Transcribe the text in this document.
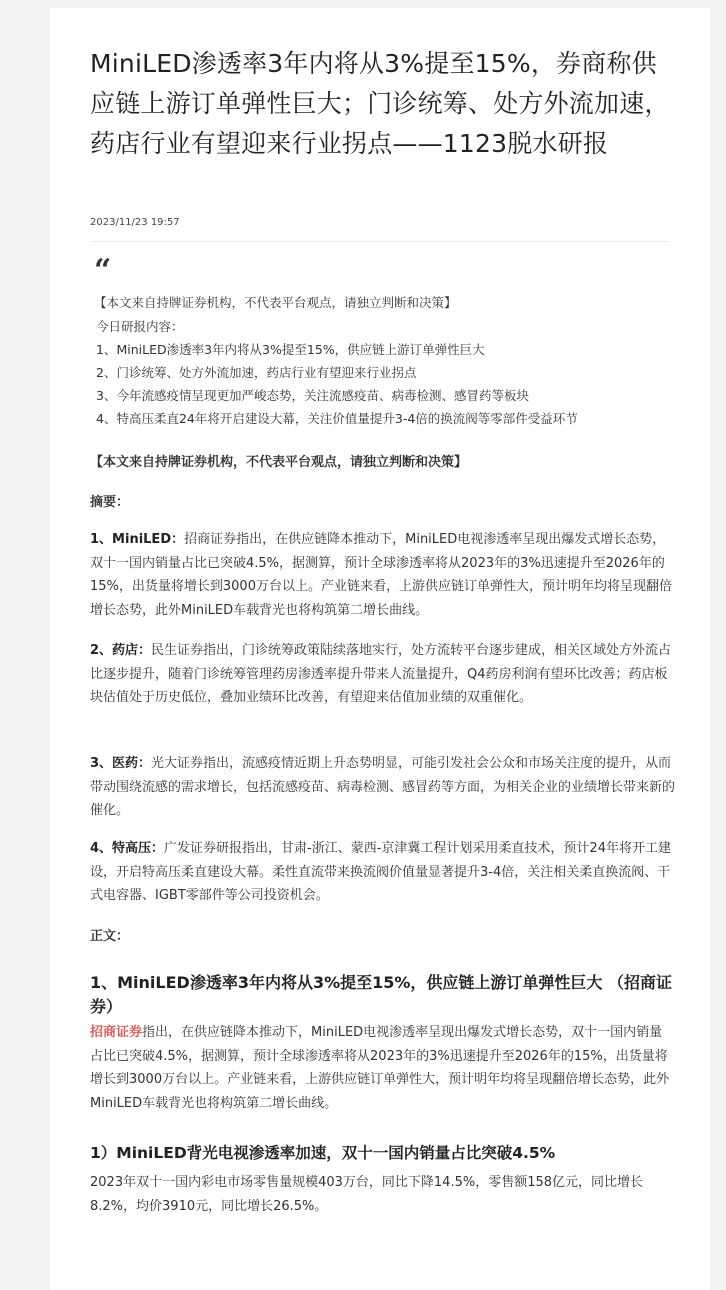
MiniLED渗透率3年内将从3%提至15%，券商称供应链上游订单弹性巨大；门诊统筹、处方外流加速，药店行业有望迎来行业拐点——1123脱水研报
2023/11/23 19:57
“
【本文来自持牌证券机构，不代表平台观点，请独立判断和决策】
今日研报内容：
1、MiniLED渗透率3年内将从3%提至15%，供应链上游订单弹性巨大
2、门诊统筹、处方外流加速，药店行业有望迎来行业拐点
3、今年流感疫情呈现更加严峻态势，关注流感疫苗、病毒检测、感冒药等板块
4、特高压柔直24年将开启建设大幕，关注价值量提升3-4倍的换流阀等零部件受益环节
【本文来自持牌证券机构，不代表平台观点，请独立判断和决策】
摘要：

1、MiniLED：招商证券指出，在供应链降本推动下，MiniLED电视渗透率呈现出爆发式增长态势，双十一国内销量占比已突破4.5%，据测算，预计全球渗透率将从2023年的3%迅速提升至2026年的15%，出货量将增长到3000万台以上。产业链来看，上游供应链订单弹性大，预计明年均将呈现翻倍增长态势，此外MiniLED车载背光也将构筑第二增长曲线。

2、药店：民生证券指出，门诊统筹政策陆续落地实行，处方流转平台逐步建成，相关区域处方外流占比逐步提升，随着门诊统筹管理药房渗透率提升带来人流量提升，Q4药房利润有望环比改善；药店板块估值处于历史低位，叠加业绩环比改善，有望迎来估值加业绩的双重催化。

3、医药：光大证券指出，流感疫情近期上升态势明显，可能引发社会公众和市场关注度的提升，从而带动围绕流感的需求增长，包括流感疫苗、病毒检测、感冒药等方面，为相关企业的业绩增长带来新的催化。

4、特高压：广发证券研报指出，甘肃-浙江、蒙西-京津冀工程计划采用柔直技术，预计24年将开工建设，开启特高压柔直建设大幕。柔性直流带来换流阀价值量显著提升3-4倍，关注相关柔直换流阀、干式电容器、IGBT零部件等公司投资机会。

正文：
1、MiniLED渗透率3年内将从3%提至15%，供应链上游订单弹性巨大 （招商证券）

招商证券指出，在供应链降本推动下，MiniLED电视渗透率呈现出爆发式增长态势，双十一国内销量占比已突破4.5%，据测算，预计全球渗透率将从2023年的3%迅速提升至2026年的15%，出货量将增长到3000万台以上。产业链来看，上游供应链订单弹性大，预计明年均将呈现翻倍增长态势，此外MiniLED车载背光也将构筑第二增长曲线。

1）MiniLED背光电视渗透率加速，双十一国内销量占比突破4.5%

2023年双十一国内彩电市场零售量规模403万台，同比下降14.5%，零售额158亿元，同比增长8.2%，均价3910元，同比增长26.5%。
